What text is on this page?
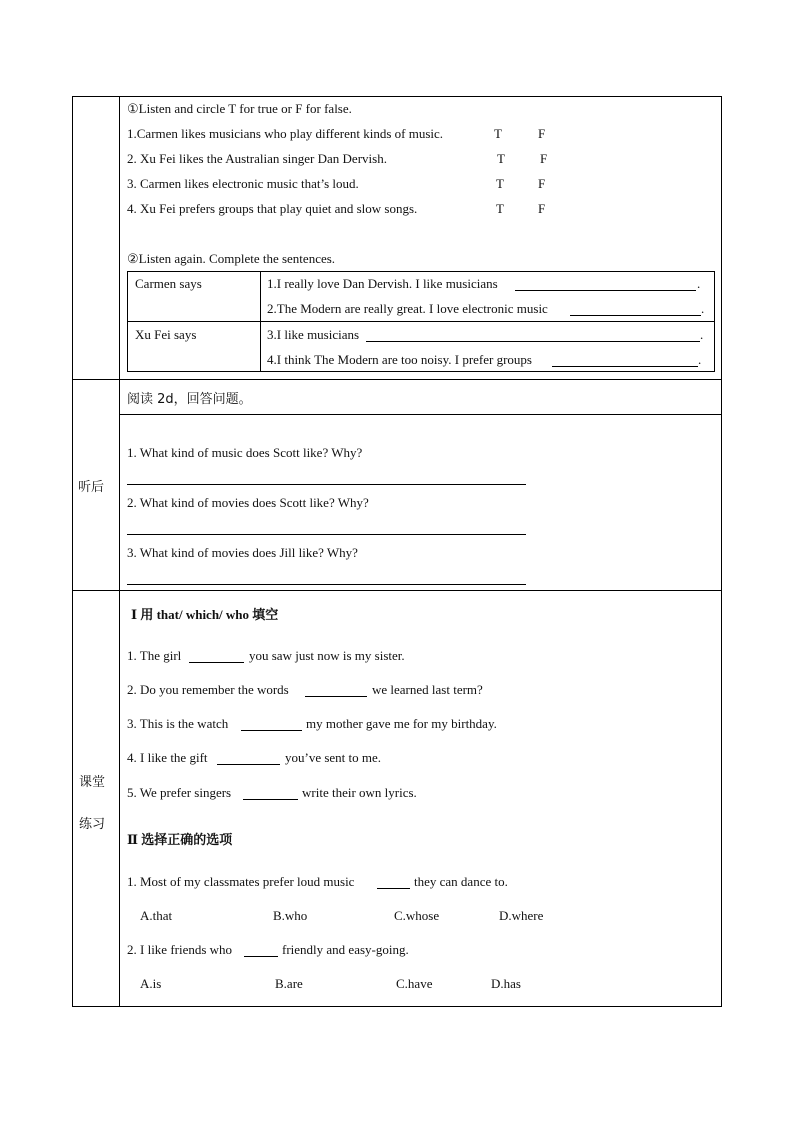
①Listen and circle T for true or F for false.
1.Carmen likes musicians who play different kinds of music.	T	F
2. Xu Fei likes the Australian singer Dan Dervish.	T	F
3. Carmen likes electronic music that’s loud.	T	F
4. Xu Fei prefers groups that play quiet and slow songs.	T	F
②Listen again. Complete the sentences.
Carmen says	1.I really love Dan Dervish. I like musicians	.
2.The Modern are really great. I love electronic music	.
Xu Fei says	3.I like musicians	.
4.I think The Modern are too noisy. I prefer groups	.
听后
阅读 2d，回答问题。
1. What kind of music does Scott like? Why?
2. What kind of movies does Scott like? Why?
3. What kind of movies does Jill like? Why?
课堂
练习
Ⅰ 用 that/ which/ who 填空
1. The girl	you saw just now is my sister.
2. Do you remember the words	we learned last term?
3. This is the watch	my mother gave me for my birthday.
4. I like the gift	you’ve sent to me.
5. We prefer singers	write their own lyrics.
Ⅱ 选择正确的选项
1. Most of my classmates prefer loud music	they can dance to.
A.that	B.who	C.whose	D.where
2. I like friends who	friendly and easy-going.
A.is	B.are	C.have	D.has
